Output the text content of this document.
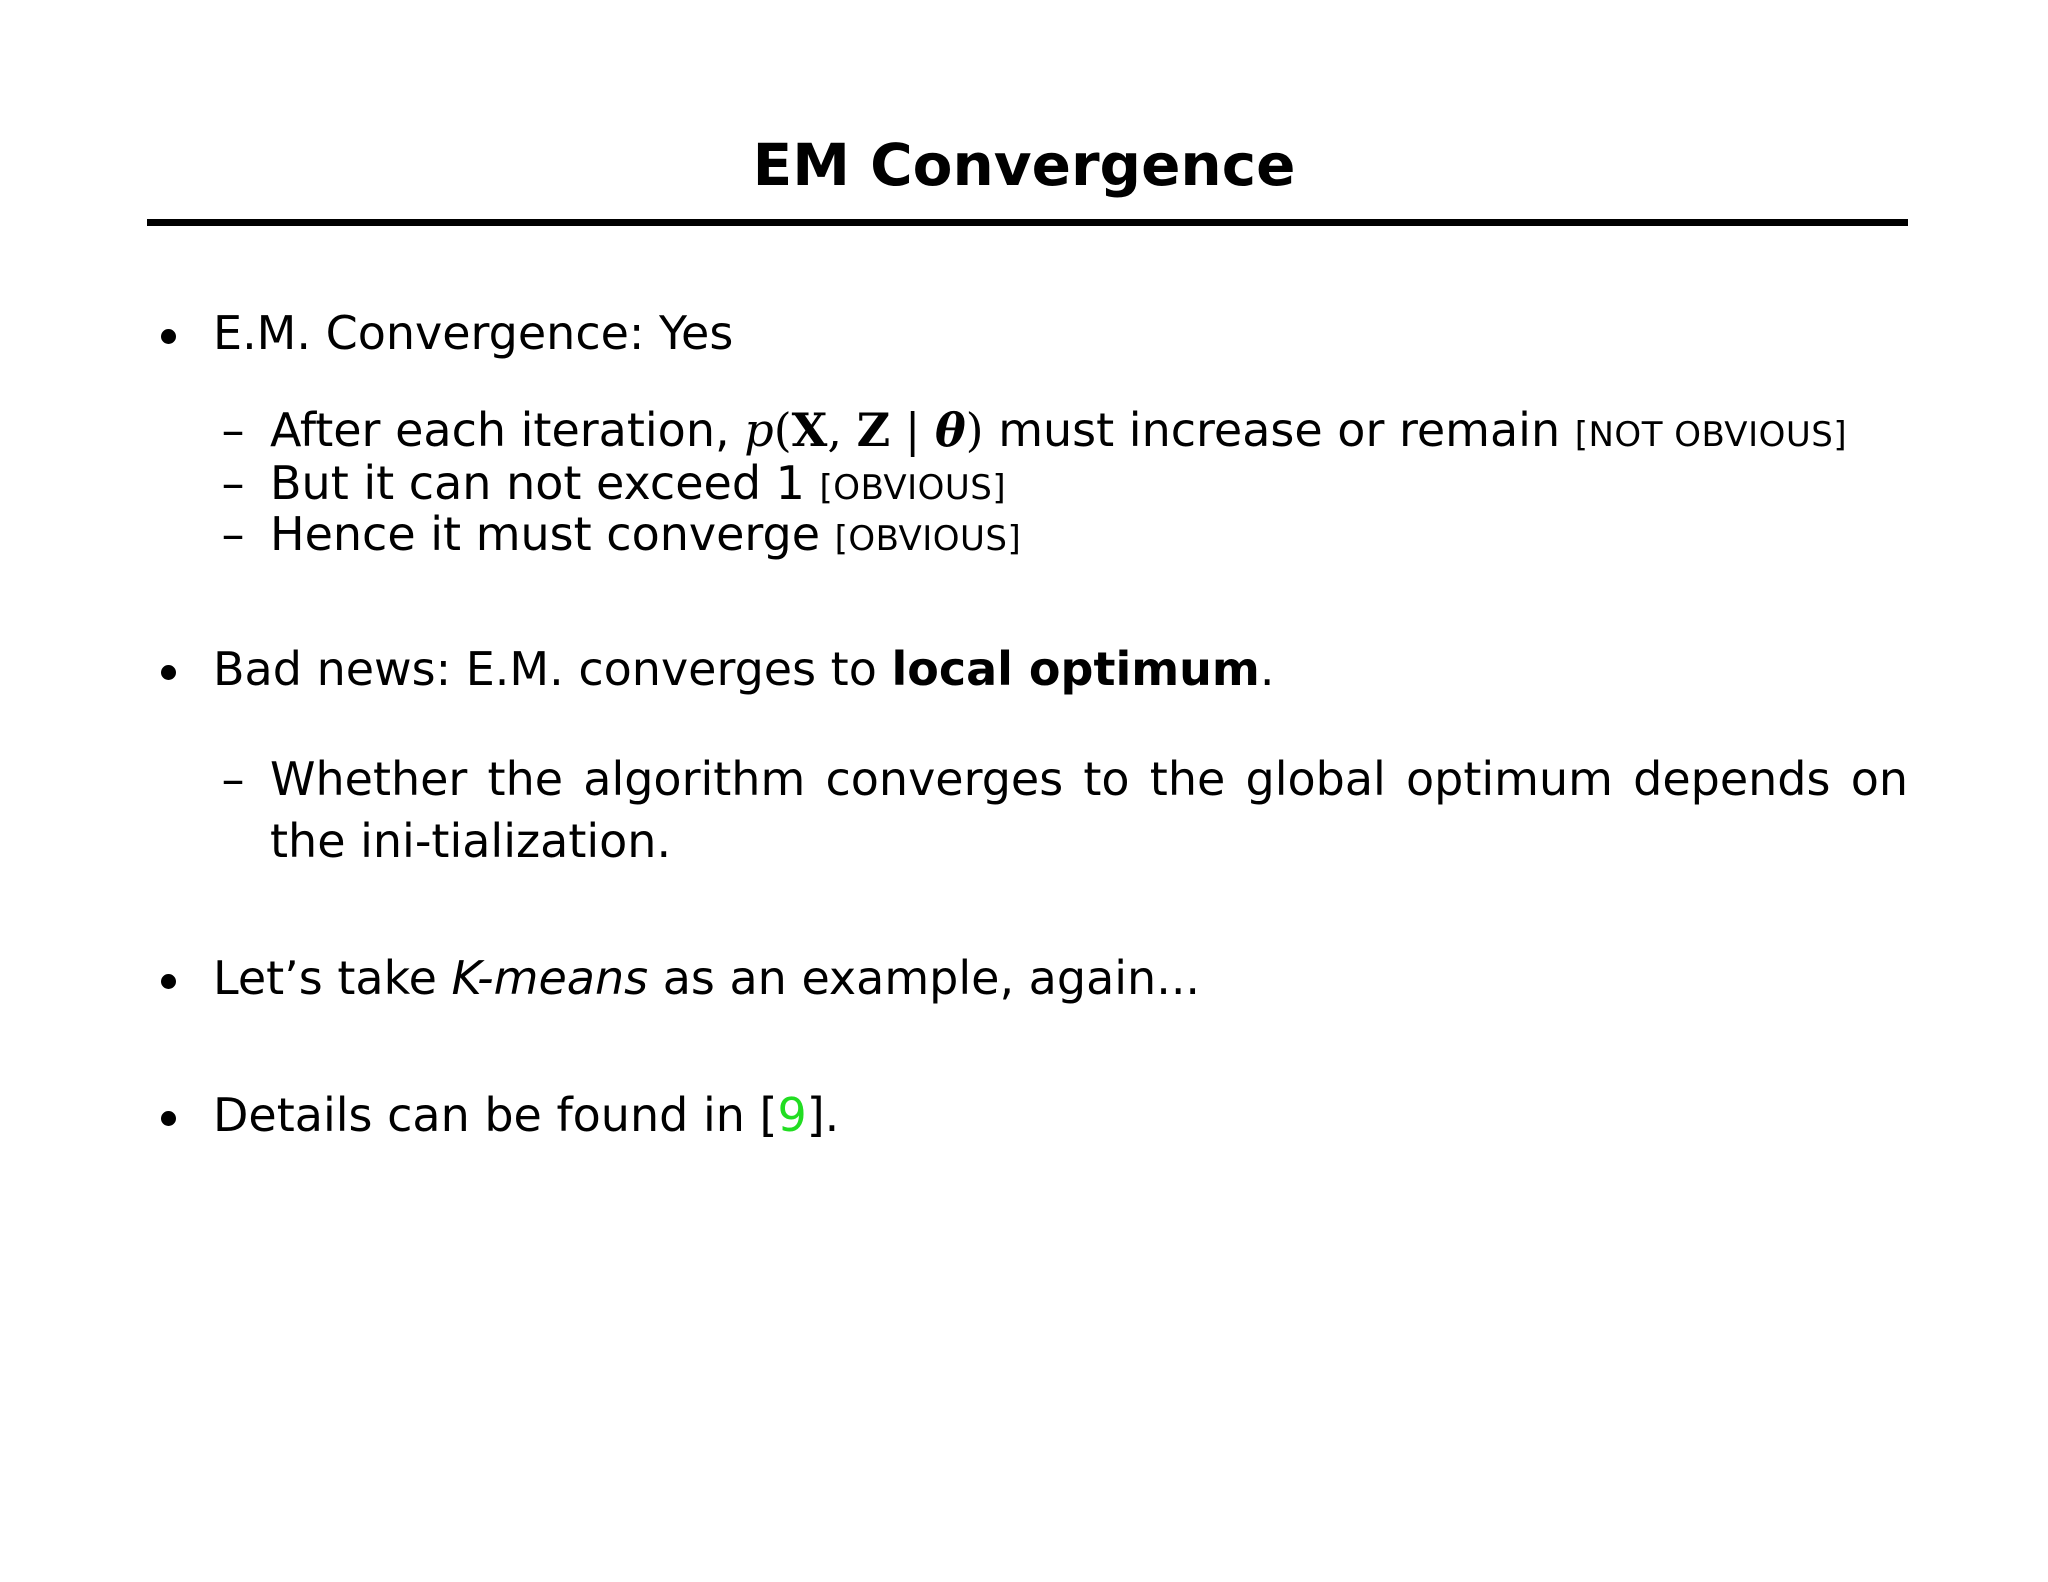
EM Convergence
E.M. Convergence: Yes
– After each iteration, p(X, Z | θ) must increase or remain [NOT OBVIOUS]
– But it can not exceed 1 [OBVIOUS]
– Hence it must converge [OBVIOUS]
Bad news: E.M. converges to local optimum.
– Whether the algorithm converges to the global optimum depends on the ini-tialization.
Let’s take K-means as an example, again...
Details can be found in [9].
